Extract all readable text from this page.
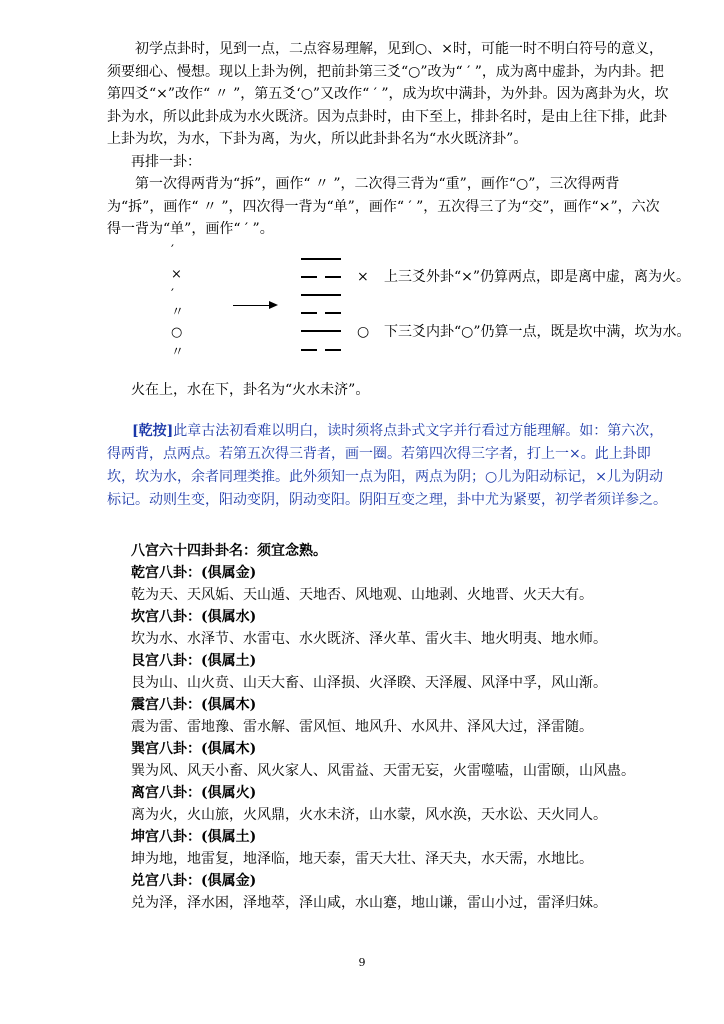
初学点卦时，见到一点，二点容易理解，见到○、×时，可能一时不明白符号的意义，须要细心、慢想。现以上卦为例，把前卦第三爻“○”改为“ ′ ”，成为离中虚卦，为内卦。把第四爻“×”改作“ 〃 ”，第五爻‘○”又改作“ ′ ”，成为坎中满卦，为外卦。因为离卦为火，坎卦为水，所以此卦成为水火既济。因为点卦时，由下至上，排卦名时，是由上往下排，此卦上卦为坎，为水，下卦为离，为火，所以此卦卦名为“水火既济卦”。

再排一卦：

第一次得两背为“拆”，画作“ 〃 ”，二次得三背为“重”，画作“○”，三次得两背为“拆”，画作“ 〃 ”，四次得一背为“单”，画作“ ′ ”，五次得三了为“交”，画作“×”，六次得一背为“单”，画作“ ′ ”。

′
×
′
〃
○
〃
× 上三爻外卦“×”仍算两点，即是离中虚，离为火。
○ 下三爻内卦“○”仍算一点，既是坎中满，坎为水。

火在上，水在下，卦名为“火水未济”。

[乾按]此章古法初看难以明白，读时须将点卦式文字并行看过方能理解。如：第六次，得两背，点两点。若第五次得三背者，画一圈。若第四次得三字者，打上一×。此上卦即坎，坎为水，余者同理类推。此外须知一点为阳，两点为阴；○儿为阳动标记，×儿为阴动标记。动则生变，阳动变阴，阴动变阳。阴阳互变之理，卦中尤为紧要，初学者须详参之。

八宫六十四卦卦名：须宜念熟。

乾宫八卦：(俱属金)

乾为天、天风姤、天山遁、天地否、风地观、山地剥、火地晋、火天大有。

坎宫八卦：(俱属水)

坎为水、水泽节、水雷屯、水火既济、泽火革、雷火丰、地火明夷、地水师。

艮宫八卦：(俱属土)

艮为山、山火贲、山天大畜、山泽损、火泽睽、天泽履、风泽中孚，风山渐。

震宫八卦：(俱属木)

震为雷、雷地豫、雷水解、雷风恒、地风升、水风井、泽风大过，泽雷随。

巽宫八卦：(俱属木)

巽为风、风天小畜、风火家人、风雷益、天雷无妄，火雷噬嗑，山雷颐，山风蛊。

离宫八卦：(俱属火)

离为火，火山旅，火风鼎，火水未济，山水蒙，风水涣，天水讼、天火同人。

坤宫八卦：(俱属土)

坤为地，地雷复，地泽临，地天泰，雷天大壮、泽天夬，水天需，水地比。

兑宫八卦：(俱属金)

兑为泽，泽水困，泽地萃，泽山咸，水山蹇，地山谦，雷山小过，雷泽归妹。

9
